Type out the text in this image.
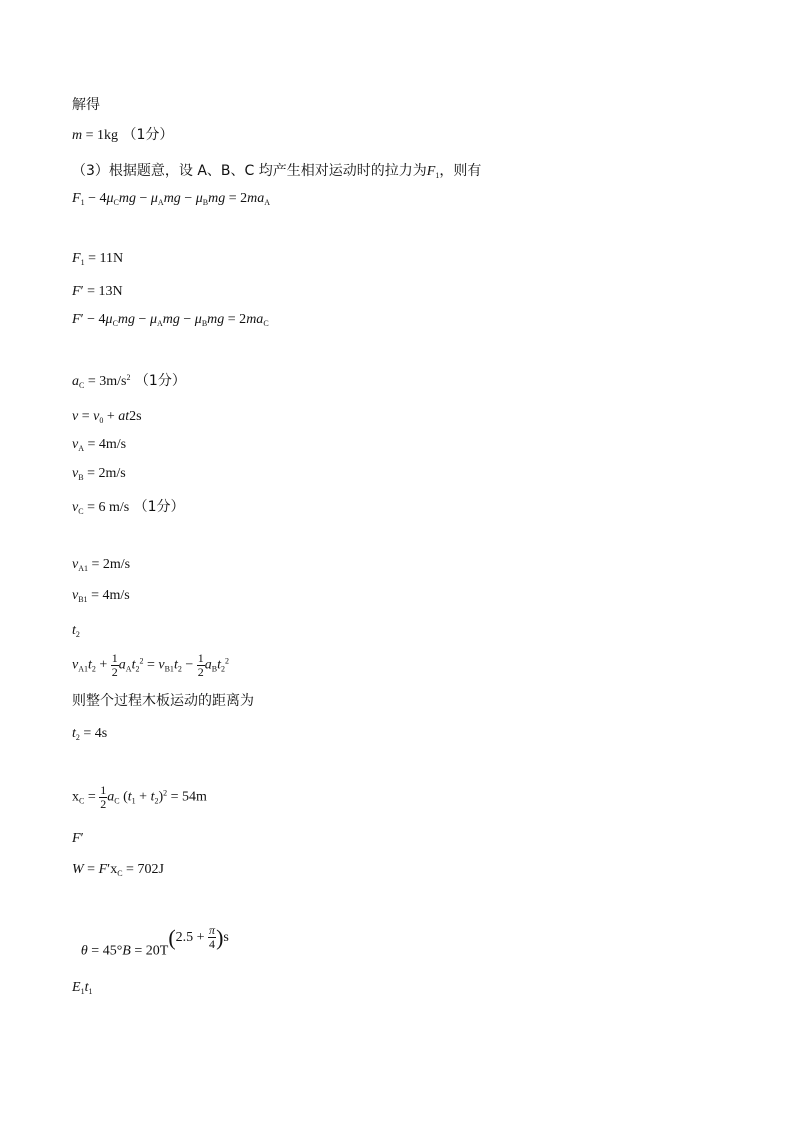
解得
m = 1kg （1分）
（3）根据题意，设 A、B、C 均产生相对运动时的拉力为$F_1$，则有
$F_1 - 4\mu_Cmg - \mu_Amg - \mu_Bmg = 2ma_A$
$F_1 = 11N$
F′ = 13N
$F' - 4\mu_Cmg - \mu_Amg - \mu_Bmg = 2ma_C$
$a_C = 3m/s^2$ （1分）
$v = v_0 + at2s$
$v_A = 4m/s$
$v_B = 2m/s$
$v_C = 6$ m/s （1分）
$v_{A1} = 2m/s$
$v_{B1} = 4m/s$
$t_2$
$v_{A1}t_2 + \frac{1}{2} a_At_2^2 = v_{B1}t_2 - \frac{1}{2} a_Bt_2^2$
则整个过程木板运动的距离为
$t_2 = 4s$
$x_C = \frac{1}{2} a_C$ $(t_1 + t_2)^2 = 54m$
F′
$W = F'x_C = 702J$
$\theta = 45^\circ B = 20T(2.5 + \frac{\pi}{4} )s$
$E_1t_1$
